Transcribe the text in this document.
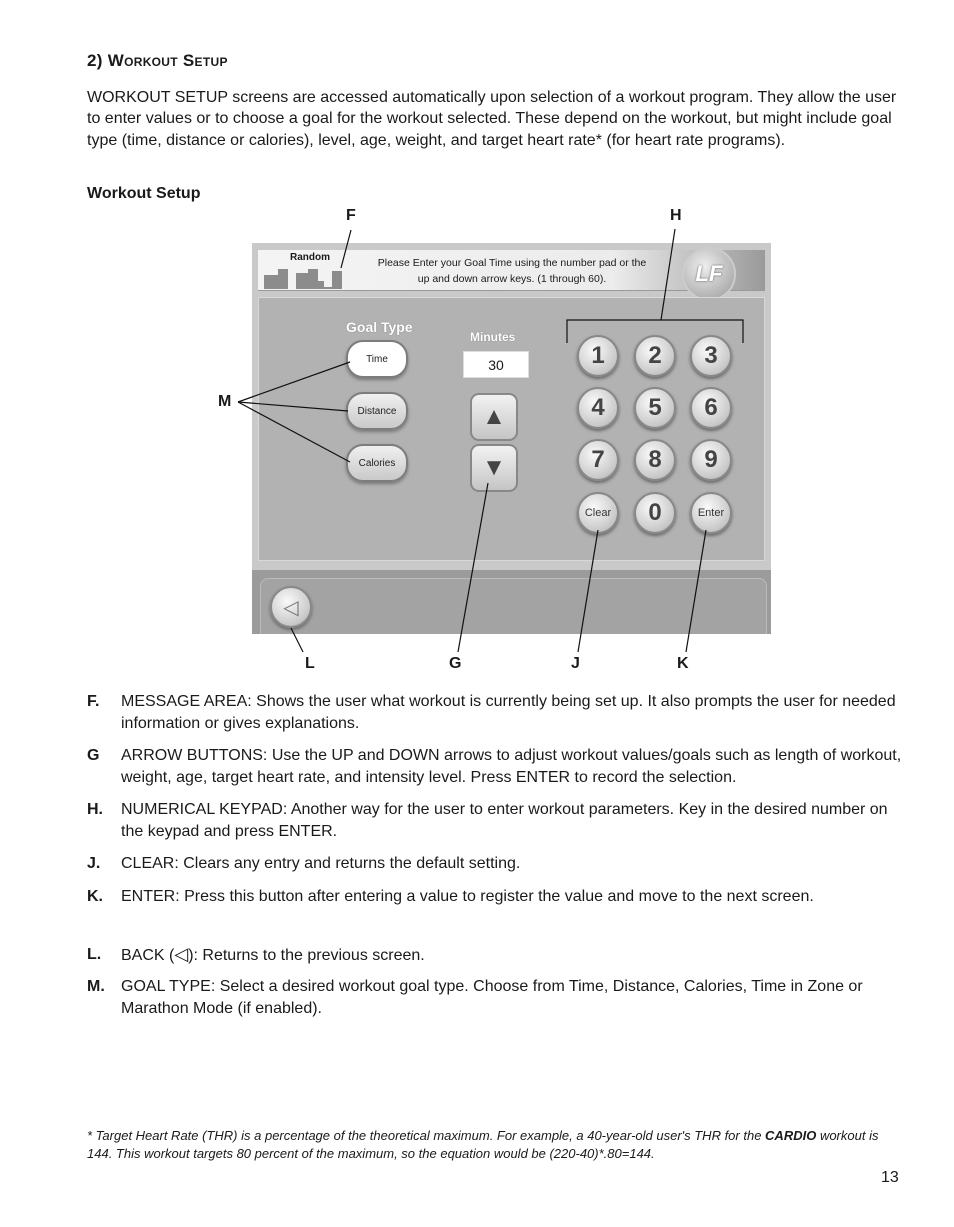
2) Workout Setup
WORKOUT SETUP screens are accessed automatically upon selection of a workout program. They allow the user to enter values or to choose a goal for the workout selected. These depend on the workout, but might include goal type (time, distance or calories), level, age, weight, and target heart rate* (for heart rate programs).
Workout Setup
F	H
M
L	G	J	K
Random	Please Enter your Goal Time using the number pad or the
up and down arrow keys. (1 through 60).	LF
Goal Type
Time
Distance
Calories
Minutes
30
▲
▼
1	2	3
4	5	6
7	8	9
Clear	0	Enter
◁
F. MESSAGE AREA: Shows the user what workout is currently being set up. It also prompts the user for needed information or gives explanations.
G ARROW BUTTONS: Use the UP and DOWN arrows to adjust workout values/goals such as length of workout, weight, age, target heart rate, and intensity level. Press ENTER to record the selection.
H. NUMERICAL KEYPAD: Another way for the user to enter workout parameters. Key in the desired number on the keypad and press ENTER.
J. CLEAR: Clears any entry and returns the default setting.
K. ENTER: Press this button after entering a value to register the value and move to the next screen.
L. BACK (◁): Returns to the previous screen.
M. GOAL TYPE: Select a desired workout goal type. Choose from Time, Distance, Calories, Time in Zone or Marathon Mode (if enabled).
* Target Heart Rate (THR) is a percentage of the theoretical maximum. For example, a 40-year-old user's THR for the CARDIO workout is 144. This workout targets 80 percent of the maximum, so the equation would be (220-40)*.80=144.
13
